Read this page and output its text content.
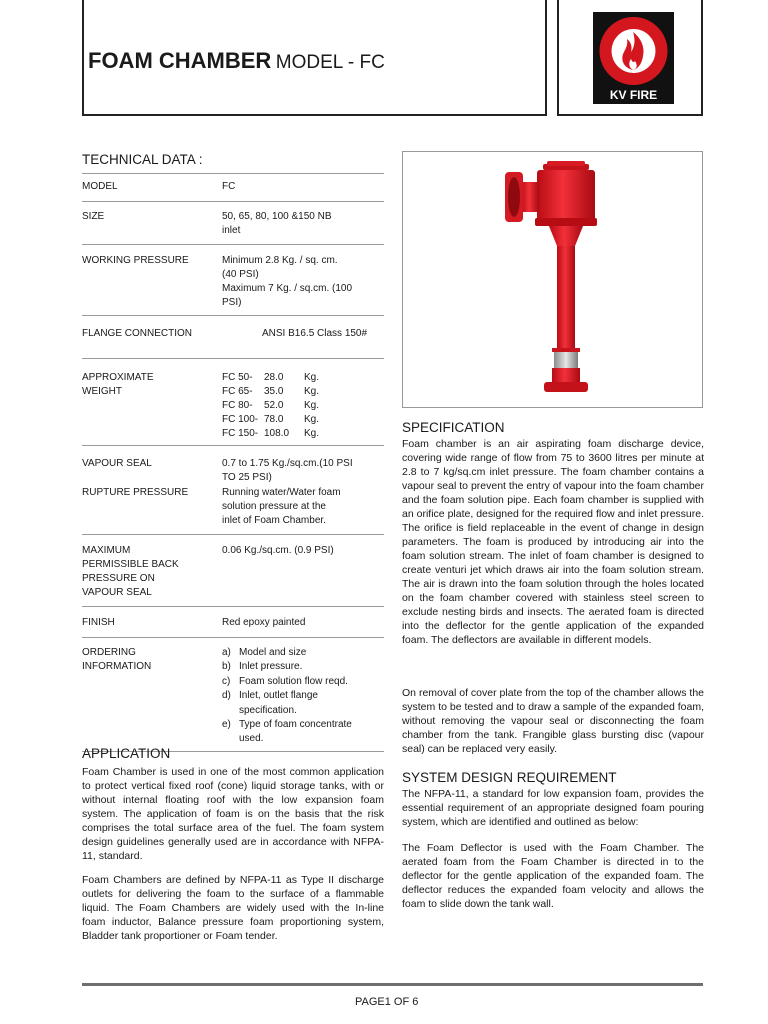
FOAM CHAMBER MODEL - FC
KV FIRE
TECHNICAL DATA :
MODEL	FC
SIZE	50, 65, 80, 100 &150 NB
inlet
WORKING PRESSURE	Minimum 2.8 Kg. / sq. cm.
(40 PSI)
Maximum 7 Kg. / sq.cm. (100
PSI)
FLANGE CONNECTION	ANSI B16.5 Class 150#
APPROXIMATE
WEIGHT
FC 50-	28.0	Kg.
FC 65-	35.0	Kg.
FC 80-	52.0	Kg.
FC 100- 78.0	Kg.
FC 150- 108.0	Kg.
VAPOUR SEAL	0.7 to 1.75 Kg./sq.cm.(10 PSI
TO 25 PSI)
RUPTURE PRESSURE	Running water/Water foam
solution pressure at the
inlet of Foam Chamber.
MAXIMUM
PERMISSIBLE BACK
PRESSURE ON
VAPOUR SEAL
0.06 Kg./sq.cm. (0.9 PSI)
FINISH	Red epoxy painted
ORDERING
INFORMATION
a) Model and size
b) Inlet pressure.
c) Foam solution flow reqd.
d) Inlet, outlet flange
specification.
e) Type of foam concentrate
used.
APPLICATION

Foam Chamber is used in one of the most common application to protect vertical fixed roof (cone) liquid storage tanks, with or without internal floating roof with the low expansion foam system. The application of foam is on the basis that the risk comprises the total surface area of the fuel. The foam system design guidelines generally used are in accordance with NFPA-11, standard.

Foam Chambers are defined by NFPA-11 as Type II discharge outlets for delivering the foam to the surface of a flammable liquid. The Foam Chambers are widely used with the In-line foam inductor, Balance pressure foam proportioning system, Bladder tank proportioner or Foam tender.

SPECIFICATION

Foam chamber is an air aspirating foam discharge device, covering wide range of flow from 75 to 3600 litres per minute at 2.8 to 7 kg/sq.cm inlet pressure. The foam chamber contains a vapour seal to prevent the entry of vapour into the foam chamber and the foam solution pipe. Each foam chamber is supplied with an orifice plate, designed for the required flow and inlet pressure. The orifice is field replaceable in the event of change in design parameters. The foam is produced by introducing air into the foam solution stream. The inlet of foam chamber is designed to create venturi jet which draws air into the foam solution stream. The air is drawn into the foam solution through the holes located on the foam chamber covered with stainless steel screen to exclude nesting birds and insects. The aerated foam is directed into the deflector for the gentle application of the expanded foam. The deflectors are available in different models.

On removal of cover plate from the top of the chamber allows the system to be tested and to draw a sample of the expanded foam, without removing the vapour seal or disconnecting the foam chamber from the tank. Frangible glass bursting disc (vapour seal) can be replaced very easily.

SYSTEM DESIGN REQUIREMENT

The NFPA-11, a standard for low expansion foam, provides the essential requirement of an appropriate designed foam pouring system, which are identified and outlined as below:

The Foam Deflector is used with the Foam Chamber. The aerated foam from the Foam Chamber is directed in to the deflector for the gentle application of the expanded foam. The deflector reduces the expanded foam velocity and allows the foam to slide down the tank wall.

PAGE1 OF 6
